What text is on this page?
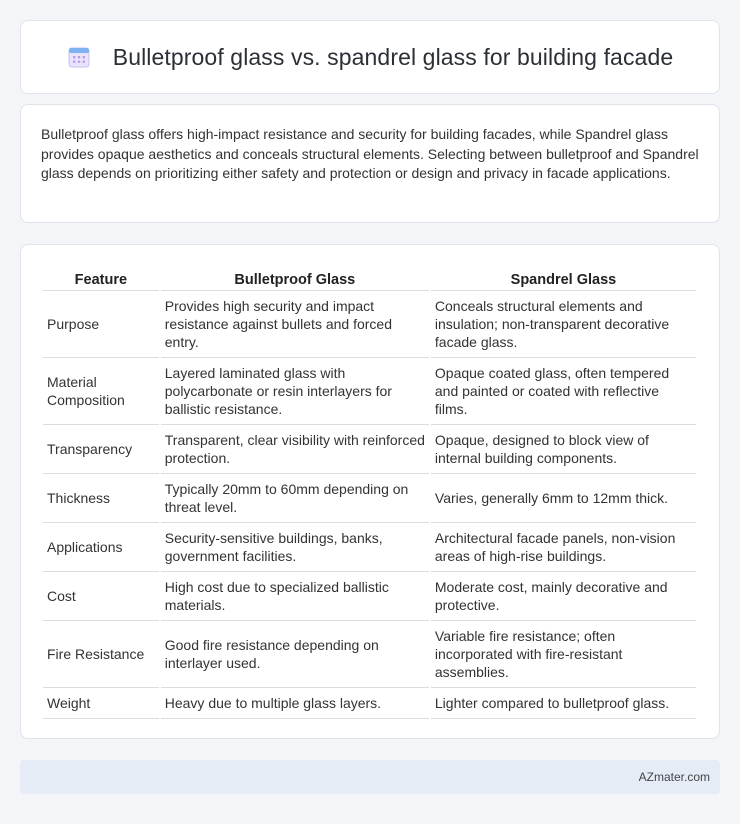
Bulletproof glass vs. spandrel glass for building facade

Bulletproof glass offers high-impact resistance and security for building facades, while Spandrel glass provides opaque aesthetics and conceals structural elements. Selecting between bulletproof and Spandrel glass depends on prioritizing either safety and protection or design and privacy in facade applications.

Feature	Bulletproof Glass	Spandrel Glass
Purpose	Provides high security and impact resistance against bullets and forced entry.	Conceals structural elements and insulation; non-transparent decorative facade glass.
Material Composition	Layered laminated glass with polycarbonate or resin interlayers for ballistic resistance.	Opaque coated glass, often tempered and painted or coated with reflective films.
Transparency	Transparent, clear visibility with reinforced protection.	Opaque, designed to block view of internal building components.
Thickness	Typically 20mm to 60mm depending on threat level.	Varies, generally 6mm to 12mm thick.
Applications	Security-sensitive buildings, banks, government facilities.	Architectural facade panels, non-vision areas of high-rise buildings.
Cost	High cost due to specialized ballistic materials.	Moderate cost, mainly decorative and protective.
Fire Resistance	Good fire resistance depending on interlayer used.	Variable fire resistance; often incorporated with fire-resistant assemblies.
Weight	Heavy due to multiple glass layers.	Lighter compared to bulletproof glass.
AZmater.com
